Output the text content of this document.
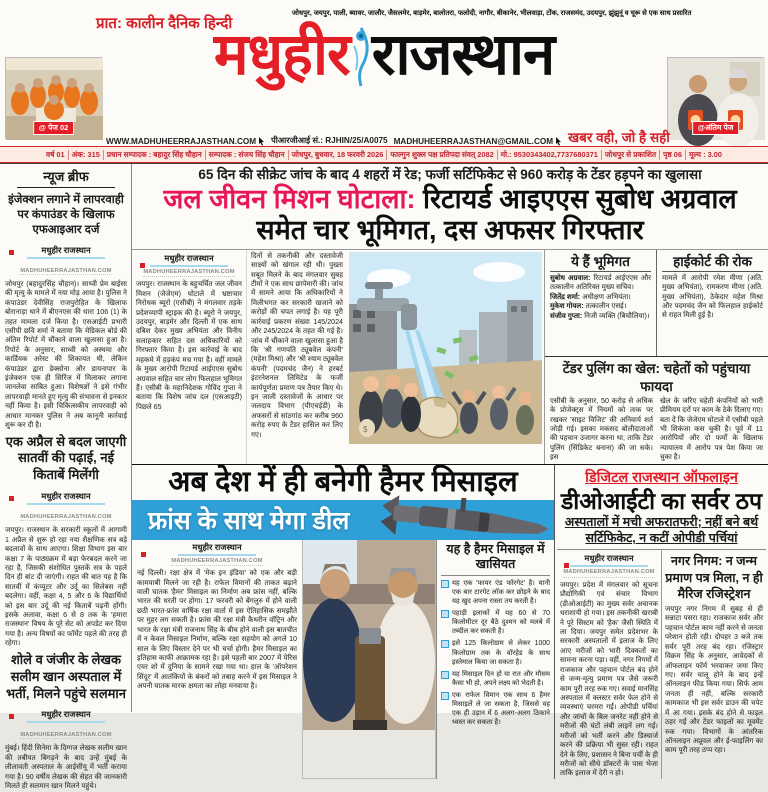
प्रात: कालीन दैनिक हिन्दी
जोधपुर, जयपुर, पाली, ब्यावर, जालौर, जैसलमेर, बाड़मेर, बालोतरा, फलोदी, नागौर, बीकानेर, भीलवाड़ा, टोंक, राजसमंद, उदयपुर, झुंझुनूं व चूरू से एक साथ प्रसारित
मधुहीर राजस्थान
@ पेज 02	@अंतिम पेज
WWW.MADHUHEERRAJASTHAN.COM पीआरजीआई सं.: RJHIN/25/A0075 MADHUHEERRAJASTHAN@GMAIL.COM खबर वही, जो है सही
वर्ष 01 अंक: 315 प्रधान सम्पादक : बहादुर सिंह चौहान सम्पादक : संजय सिंह चौहान जोधपुर, बुधवार, 18 फरवरी 2026 फाल्गुन शुक्ल पक्ष प्रतिपदा संवत् 2082 मो.: 9530343402,7737680371 जोधपुर से प्रकाशित पृष्ठ 06 मूल्य : 3.00
न्यूज ब्रीफ
इंजेक्शन लगाने में लापरवाही पर कंपाउंडर के खिलाफ एफआइआर दर्ज
मधुहीर राजस्थान

MADHUHEERRAJASTHAN.COM
जोधपुर (बहादुरसिंह चौहान)। साध्वी प्रेम बाईसा की मृत्यु के मामले में नया मोड़ आया है। पुलिस ने कंपाउंडर देवीसिंह राजपुरोहित के खिलाफ बोरानाड़ा थाने में बीएनएस की धारा 106 (1) के तहत मामला दर्ज किया है। एसआईटी प्रभारी एसीपी छवि शर्मा ने बताया कि मेडिकल बोर्ड की अंतिम रिपोर्ट में चौंकाने वाला खुलासा हुआ है। रिपोर्ट के अनुसार, साध्वी को अस्थमा और कार्डियक अरेस्ट की शिकायत थी, लेकिन कंपाउंडर द्वारा डेक्सोना और डायनापार के इंजेक्शन एक ही सिरिंज में मिलाकर लगाना जानलेवा साबित हुआ। विशेषज्ञों ने इसे गंभीर लापरवाही मानते हुए मृत्यु की संभावना से इनकार नहीं किया है। इसी चिकित्सकीय लापरवाही को आधार मानकर पुलिस ने अब कानूनी कार्रवाई शुरू कर दी है।
एक अप्रैल से बदल जाएगी सातवीं की पढ़ाई, नई किताबें मिलेंगी
मधुहीर राजस्थान

MADHUHEERRAJASTHAN.COM
जयपुर। राजस्थान के सरकारी स्कूलों में आगामी 1 अप्रैल से शुरू हो रहा नया शैक्षणिक सत्र बड़े बदलावों के साथ आएगा। शिक्षा विभाग इस बार कक्षा 7 के पाठ्यक्रम में बड़ा फेरबदल करने जा रहा है, जिसकी संशोधित पुस्तकें सत्र के पहले दिन ही बांट दी जाएंगी। राहत की बात यह है कि सातवीं में कंप्यूटर और उर्दू का सिलेबस नहीं बदलेगा। वहीं, कक्षा 4, 5 और 6 के विद्यार्थियों को इस बार उर्दू की नई किताबें पढ़नी होंगी। इसके अलावा, कक्षा 6 से 8 तक के 'हमारा राजस्थान' विषय के पूरे सेट को अपडेट कर दिया गया है। अन्य विषयों का फॉर्मेट पहले की तरह ही रहेगा।
शोले व जंजीर के लेखक सलीम खान अस्पताल में भर्ती, मिलने पहुंचे सलमान
मधुहीर राजस्थान

MADHUHEERRAJASTHAN.COM
मुंबई। हिंदी सिनेमा के दिग्गज लेखक सलीम खान की तबीयत बिगड़ने के बाद उन्हें मुंबई के लीलावती अस्पताल के आईसीयू में भर्ती कराया गया है। 90 वर्षीय लेखक की सेहत की जानकारी मिलते ही सलमान खान मिलने पहुंचे।
65 दिन की सीक्रेट जांच के बाद 4 शहरों में रेड; फर्जी सर्टिफिकेट से 960 करोड़ के टेंडर हड़पने का खुलासा
जल जीवन मिशन घोटाला: रिटायर्ड आइएएस सुबोध अग्रवाल समेत चार भूमिगत, दस अफसर गिरफ्तार
मधुहीर राजस्थान

MADHUHEERRAJASTHAN.COM
जयपुर। राजस्थान के बहुचर्चित जल जीवन मिशन (जेजेएम) घोटाले में भ्रष्टाचार निरोधक ब्यूरो (एसीबी) ने मंगलवार तड़के प्रदेशव्यापी स्ट्राइक की है। ब्यूरो ने जयपुर, उदयपुर, बाड़मेर और दिल्ली में एक साथ दबिश देकर मुख्य अभियंता और विनीय सलाहकार सहित दस अधिकारियों को गिरफ्तार किया है। इस कार्रवाई के बाद महकमे में हड़कंप मच गया है। वहीं मामले के मुख्य आरोपी रिटायर्ड आईएएस सुबोध अग्रवाल सहित चार लोग फिलहाल भूमिगत हैं। एसीबी के महानिदेशक गोविंद गुप्ता ने बताया कि विशेष जांच दल (एसआइटी) पिछले 65
दिनों से तकनीकी और दस्तावेजी साक्ष्यों को खंगाल रही थी। पुख्ता सबूत मिलने के बाद मंगलवार सुबह टीमों ने एक साथ छापेमारी की। जांच में सामने आया कि अधिकारियों ने मिलीभगत कर सरकारी खजाने को करोड़ों की चपत लगाई है। यह पूरी कार्रवाई प्रकरण संख्या 145/2024 और 245/2024 के तहत की गई है। जांच में चौंकाने वाला खुलासा हुआ है कि 'श्री गणपति ट्यूबवेल कंपनी' (महेश मिश्रा) और 'श्री श्याम ट्यूबवेल कंपनी' (पदमचंद जैन) ने हरबर्ट इंटरनेशनल लिमिटेड के फर्जी कार्यपूर्णता प्रमाण पत्र तैयार किए थे। इन जाली दस्तावेजों के आधार पर जलदाय विभाग (पीएचईडी) के अफसरों से सांठगांठ कर करीब 960 करोड़ रुपए के टेंडर हासिल कर लिए गए।
$
ये हैं भूमिगत
सुबोध अग्रवाल: रिटायर्ड आईएएस और तत्कालीन अतिरिक्त मुख्य सचिव।
जितेंद्र शर्मा: अधीक्षण अभियंता।
मुकेश गोयल: तत्कालीन एसई।
संजीव गुप्ता: निजी व्यक्ति (बिचौलिया)।
हाईकोर्ट की रोक
मामले में आरोपी रमेश मीणा (अति. मुख्य अभियंता), रामकरण मीणा (अति. मुख्य अभियंता), ठेकेदार महेश मिश्रा और पदमचंद जैन को फिलहाल हाईकोर्ट से राहत मिली हुई है।
टेंडर पुलिंग का खेल: चहेतों को पहुंचाया फायदा
एसीबी के अनुसार, 50 करोड़ से अधिक के प्रोजेक्ट्स में नियमों को ताक पर रखकर 'साइट विजिट' की अनिवार्य शर्त जोड़ी गई। इसका मकसद बोलीदाताओं की पहचान उजागर करना था, ताकि टेंडर पुलिंग (सिंडिकेट बनाना) की जा सके। इस
खेल के जरिए चहेती कंपनियों को भारी प्रीमियम दरों पर काम के ठेके दिलाए गए। बता दें कि जेजेएम घोटाले में एसीबी पहले भी शिकंजा कस चुकी है। पूर्व में 11 आरोपियों और दो फर्मों के खिलाफ न्यायालय में आरोप पत्र पेश किया जा चुका है।
अब देश में ही बनेगी हैमर मिसाइल
फ्रांस के साथ मेगा डील
मधुहीर राजस्थान

MADHUHEERRAJASTHAN.COM
नई दिल्ली। रक्षा क्षेत्र में 'मेक इन इंडिया' को एक और बड़ी कामयाबी मिलने जा रही है। राफेल विमानों की ताकत बढ़ाने वाली घातक 'हैमर' मिसाइल का निर्माण अब फ्रांस नहीं, बल्कि भारत की धरती पर होगा। 17 फरवरी को बेंगलुरु में होने वाली छठी भारत-फ्रांस वार्षिक रक्षा वार्ता में इस ऐतिहासिक समझौते पर मुहर लग सकती है। फ्रांस की रक्षा मंत्री कैथरीन वॉट्रिन और भारत के रक्षा मंत्री राजनाथ सिंह के बीच होने वाली इस बातचीत में न केवल मिसाइल निर्माण, बल्कि रक्षा सहयोग को अगले 10 साल के लिए विस्तार देने पर भी चर्चा होगी। हैमर मिसाइल का इतिहास काफी आक्रामक रहा है। इसे पहली बार 2007 में पेरिस एयर शो में दुनिया के सामने रखा गया था। हाल के 'ऑपरेशन सिंदूर' में आतंकियों के बंकरों को तबाह करने में इस मिसाइल ने अपनी घातक मारक क्षमता का लोहा मनवाया है।
यह है हैमर मिसाइल में खासियत
यह एक 'फायर एंड फॉरगेट' है। यानी एक बार टारगेट लॉक कर छोड़ने के बाद यह खुद अपना रास्ता तय करती है।
पहाड़ी इलाकों में यह 60 से 70 किलोमीटर दूर बैठे दुश्मन को मलबे में तब्दील कर सकती है।
इसे 125 किलोग्राम से लेकर 1000 किलोग्राम तक के वॉरहेड के साथ इस्तेमाल किया जा सकता है।
यह मिसाइल दिन हो या रात और मौसम कैसा भी हो, अपने लक्ष्य को भेदती है।
एक राफेल विमान एक साथ 6 हैमर मिसाइलें ले जा सकता है, जिससे वह एक ही उड़ान में 6 अलग-अलग ठिकाने ध्वस्त कर सकता है।
डिजिटल राजस्थान ऑफलाइन
डीओआईटी का सर्वर ठप
अस्पतालों में मची अफरातफरी; नहीं बने बर्थ सर्टिफिकेट, न कटीं ओपीडी पर्चियां
मधुहीर राजस्थान

MADHUHEERRAJASTHAN.COM
जयपुर। प्रदेश में मंगलवार को सूचना प्रौद्योगिकी एवं संचार विभाग (डीओआईटी) का मुख्य सर्वर अचानक धराशायी हो गया। इस तकनीकी खराबी ने पूरे सिस्टम को 'हैक' जैसी स्थिति में ला दिया। जयपुर समेत प्रदेशभर के सरकारी अस्पतालों में इलाज के लिए आए मरीजों को भारी दिक्कतों का सामना करना पड़ा। वहीं, नगर निगमों में राजकाज और पहचान पोर्टल बंद होने से जन्म-मृत्यु प्रमाण पत्र जैसे जरूरी काम पूरी तरह रुक गए। सवाई मानसिंह अस्पताल में क्लस्टर सर्वर फेल होने से व्यवस्थाएं चरमरा गईं। ओपीडी पर्चियां और जांचों के बिल जनरेट नहीं होने से मरीजों की घंटों लंबी लाइनें लग गईं। मरीजों को भर्ती करने और डिस्चार्ज करने की प्रक्रिया भी सुस्त रही। राहत देने के लिए, प्रशासन ने बिना पर्ची के ही मरीजों को सीधे डॉक्टरों के पास भेजा ताकि इलाज में देरी न हो।
नगर निगम: न जन्म प्रमाण पत्र मिला, न ही मैरिज रजिस्ट्रेशन
जयपुर नगर निगम में सुबह से ही सन्नाटा पसरा रहा। राजकाज सर्वर और पहचान पोर्टल काम नहीं करने से जनता परेशान होती रही। दोपहर 3 बजे तक सर्वर पूरी तरह बंद रहा। रजिस्ट्रार विक्रम सिंह के अनुसार, आवेदकों से ऑफलाइन फॉर्म भरवाकर जमा किए गए। सर्वर चालू होने के बाद इन्हें ऑनलाइन फीड किया गया। सिर्फ आम जनता ही नहीं, बल्कि सरकारी कामकाज भी इस सर्वर डाउन की चपेट में आ गया। इसके बंद होने से फाइल ठहर गईं और टेंडर फाइलों का मूवमेंट रुक गया। विभागों के आंतरिक ऑनलाइन अप्रूवल और ई-फाइलिंग का काम पूरी तरह ठप्प रहा।
